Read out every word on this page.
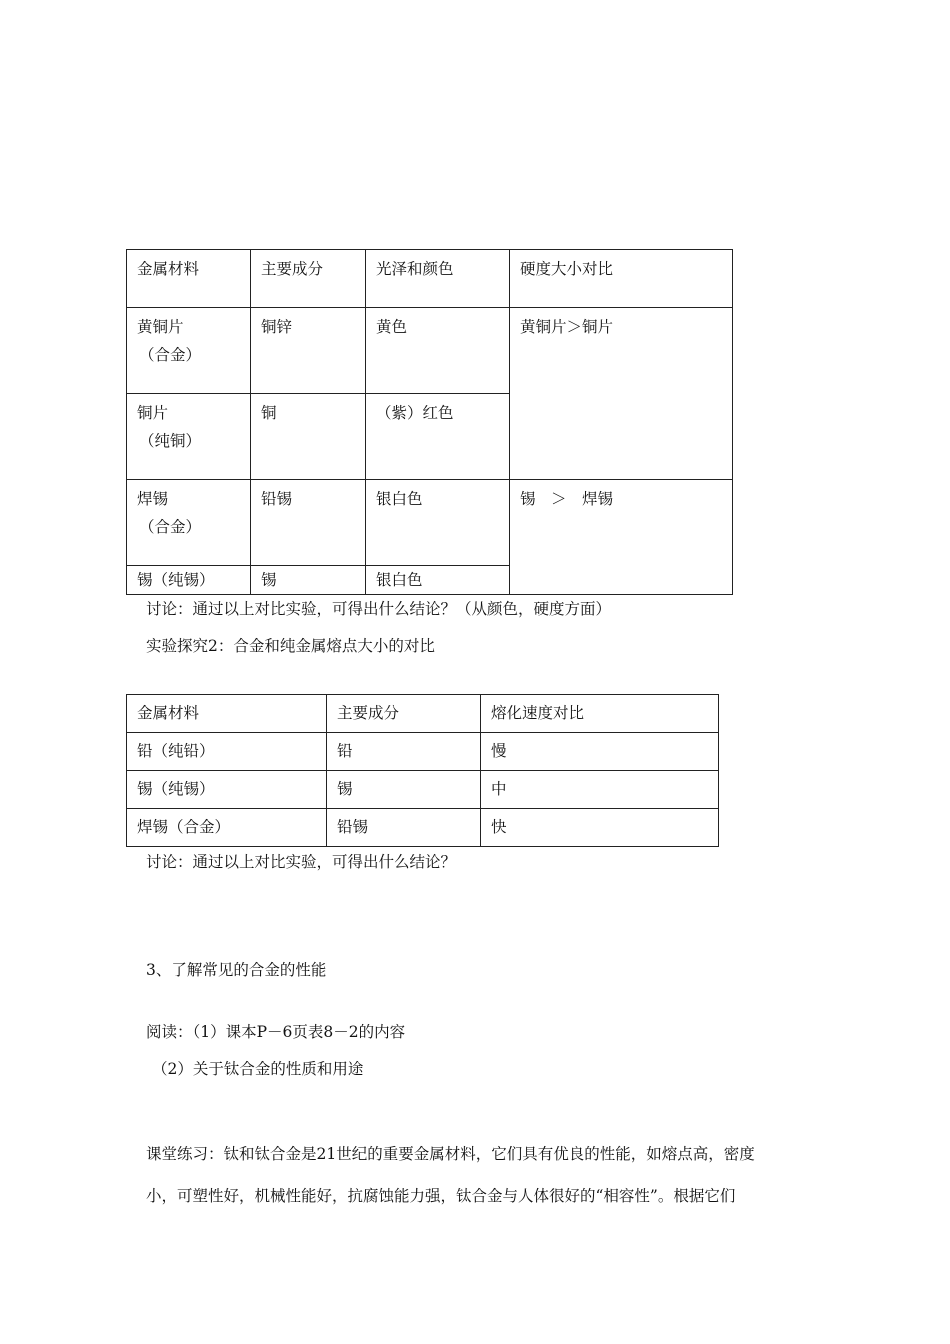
金属材料	主要成分	光泽和颜色	硬度大小对比
黄铜片
（合金）	铜锌	黄色	黄铜片＞铜片
铜片
（纯铜）	铜	（紫）红色	
焊锡
（合金）	铅锡	银白色	锡　＞　焊锡
锡（纯锡）	锡	银白色	
讨论：通过以上对比实验，可得出什么结论？（从颜色，硬度方面）
实验探究2：合金和纯金属熔点大小的对比
金属材料	主要成分	熔化速度对比
铅（纯铅）	铅	慢
锡（纯锡）	锡	中
焊锡（合金）	铅锡	快
讨论：通过以上对比实验，可得出什么结论？
3、了解常见的合金的性能
阅读：（1）课本P－6页表8－2的内容
（2）关于钛合金的性质和用途
课堂练习：钛和钛合金是21世纪的重要金属材料，它们具有优良的性能，如熔点高，密度
小，可塑性好，机械性能好，抗腐蚀能力强，钛合金与人体很好的“相容性”。根据它们
